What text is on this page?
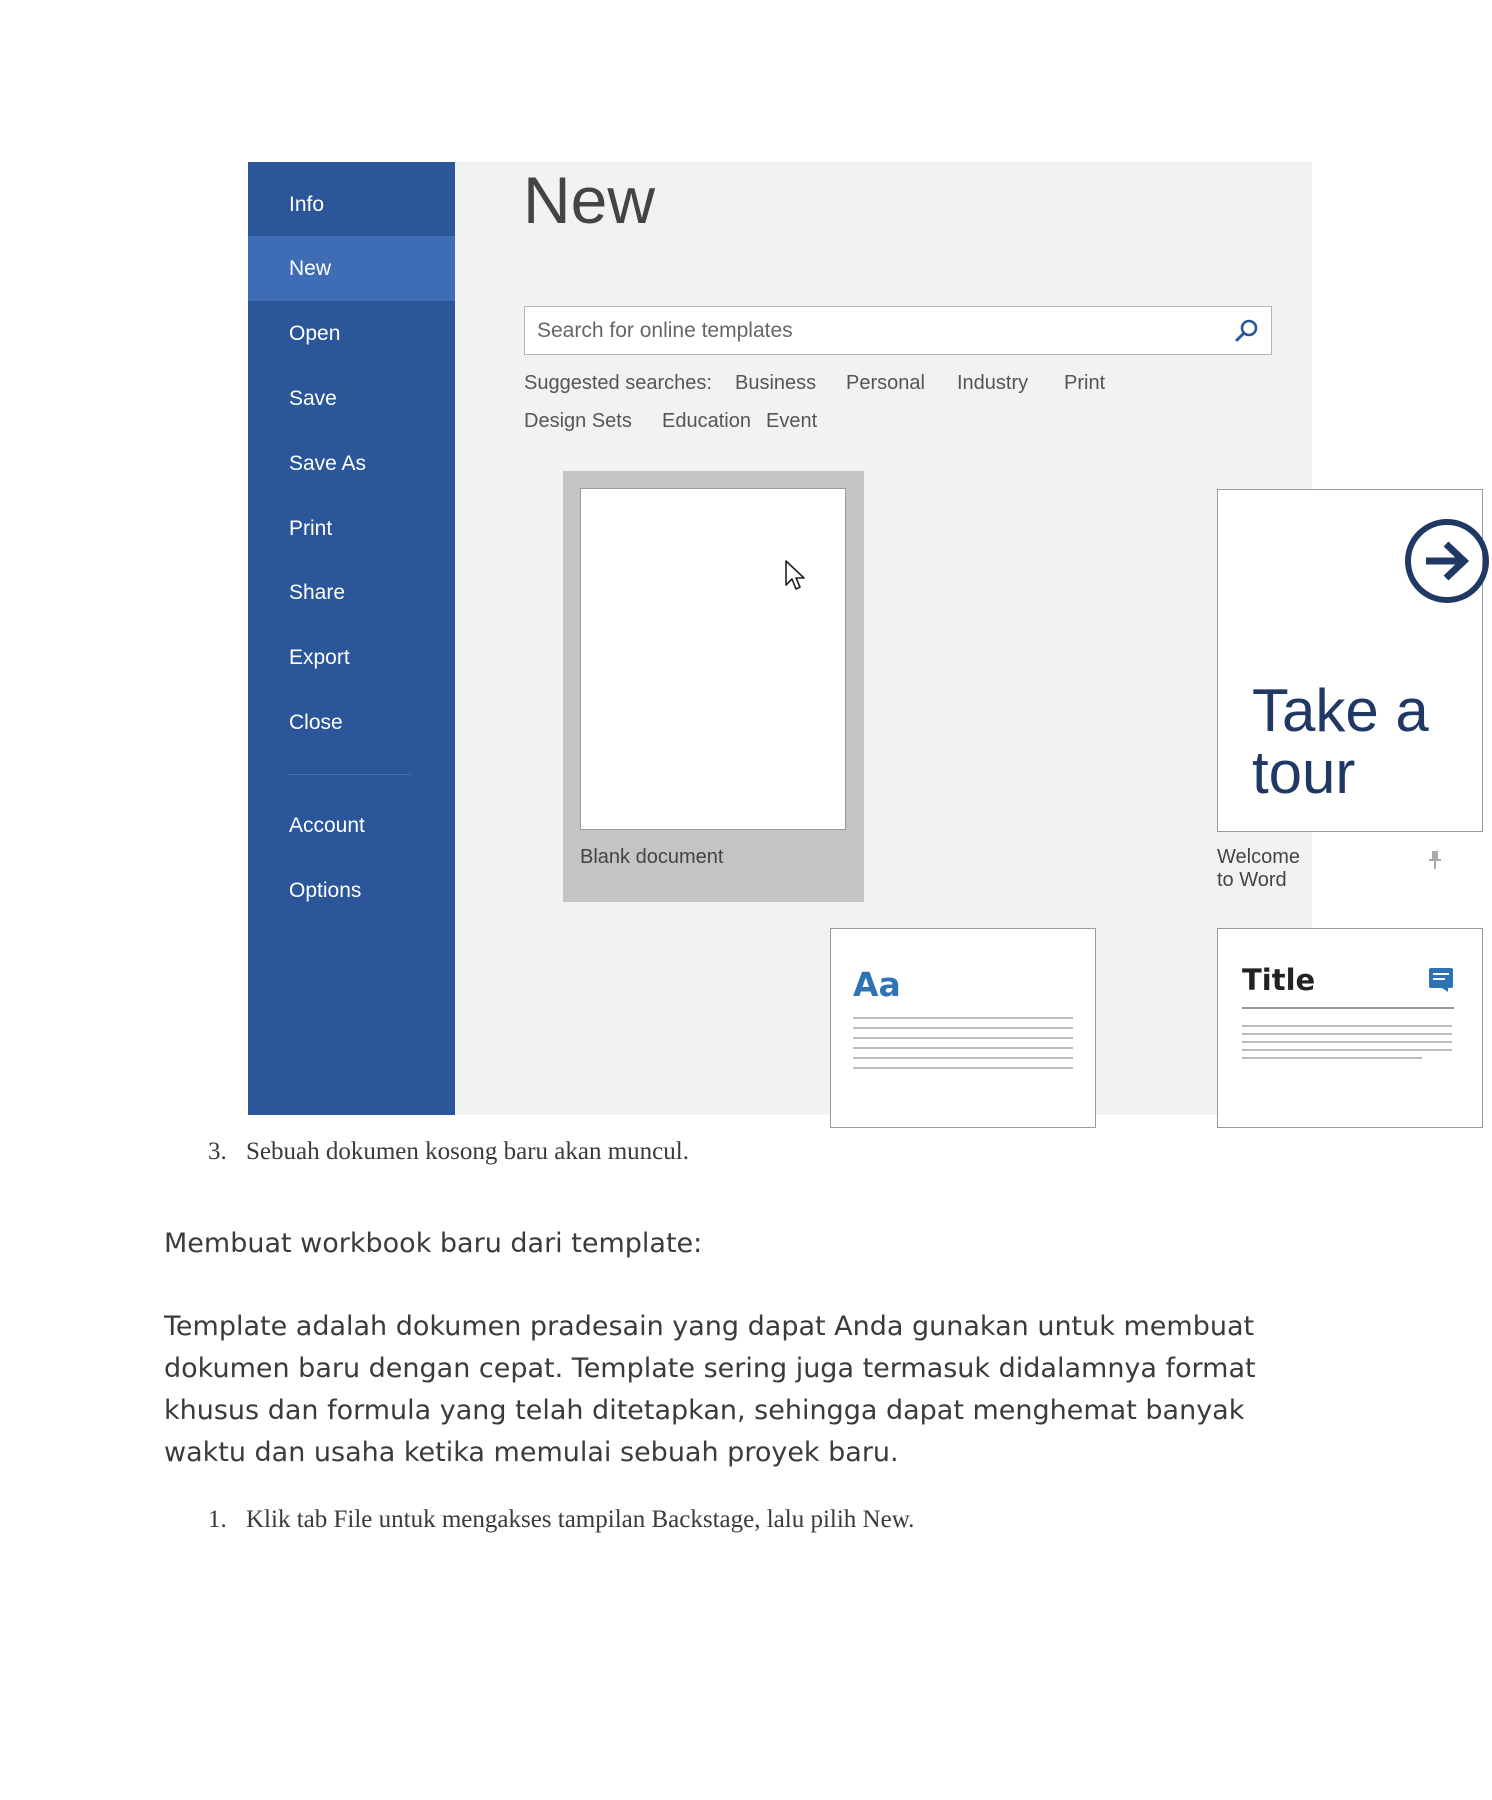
Info
New
Open
Save
Save As
Print
Share
Export
Close
Account
Options
New
Search for online templates
Suggested searches: Business Personal Industry Print
Design Sets Education Event
Blank document

Take a tour

Welcome to Word
Aa	Title
3. Sebuah dokumen kosong baru akan muncul.
Membuat workbook baru dari template:

Template adalah dokumen pradesain yang dapat Anda gunakan untuk membuat dokumen baru dengan cepat. Template sering juga termasuk didalamnya format khusus dan formula yang telah ditetapkan, sehingga dapat menghemat banyak waktu dan usaha ketika memulai sebuah proyek baru.

1. Klik tab File untuk mengakses tampilan Backstage, lalu pilih New.
